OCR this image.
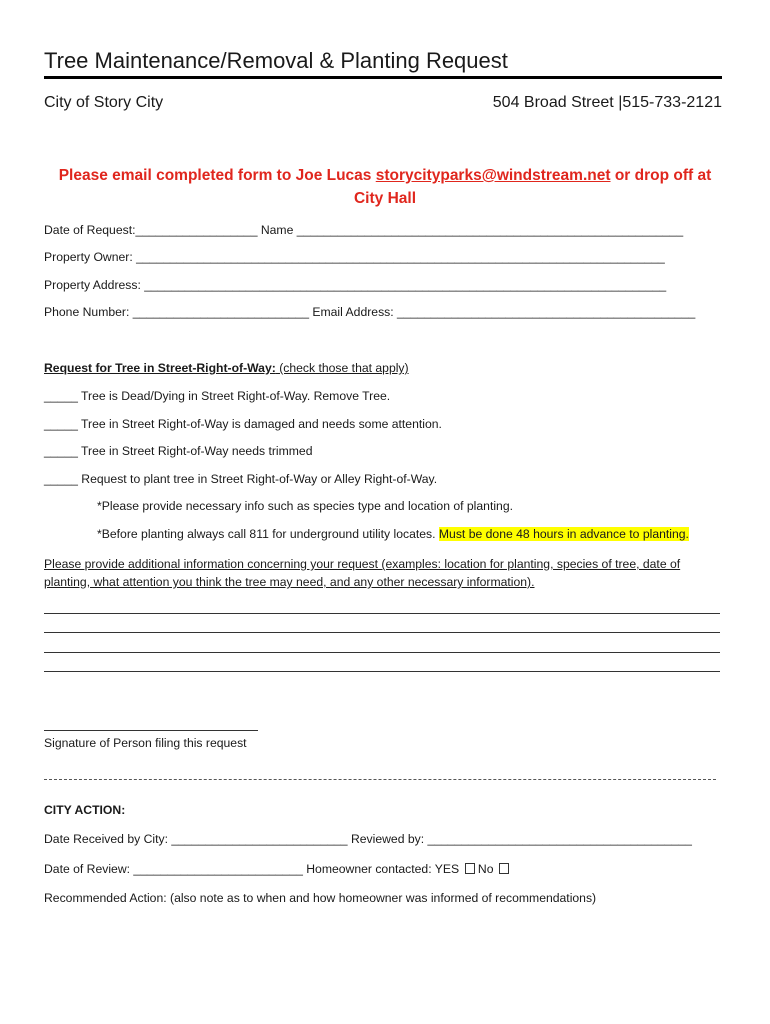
Tree Maintenance/Removal & Planting Request
City of Story City	504 Broad Street |515-733-2121
Please email completed form to Joe Lucas storycityparks@windstream.net or drop off at City Hall
Date of Request:__________________ Name _________________________________________________________
Property Owner: ______________________________________________________________________________
Property Address: _____________________________________________________________________________
Phone Number: __________________________ Email Address: ____________________________________________
Request for Tree in Street-Right-of-Way: (check those that apply)
_____ Tree is Dead/Dying in Street Right-of-Way. Remove Tree.
_____ Tree in Street Right-of-Way is damaged and needs some attention.
_____ Tree in Street Right-of-Way needs trimmed
_____ Request to plant tree in Street Right-of-Way or Alley Right-of-Way.
*Please provide necessary info such as species type and location of planting.
*Before planting always call 811 for underground utility locates. Must be done 48 hours in advance to planting.
Please provide additional information concerning your request (examples: location for planting, species of tree, date of planting, what attention you think the tree may need, and any other necessary information).
Signature of Person filing this request
CITY ACTION:
Date Received by City: __________________________ Reviewed by: _______________________________________
Date of Review: _________________________ Homeowner contacted: YES  No
Recommended Action: (also note as to when and how homeowner was informed of recommendations)
